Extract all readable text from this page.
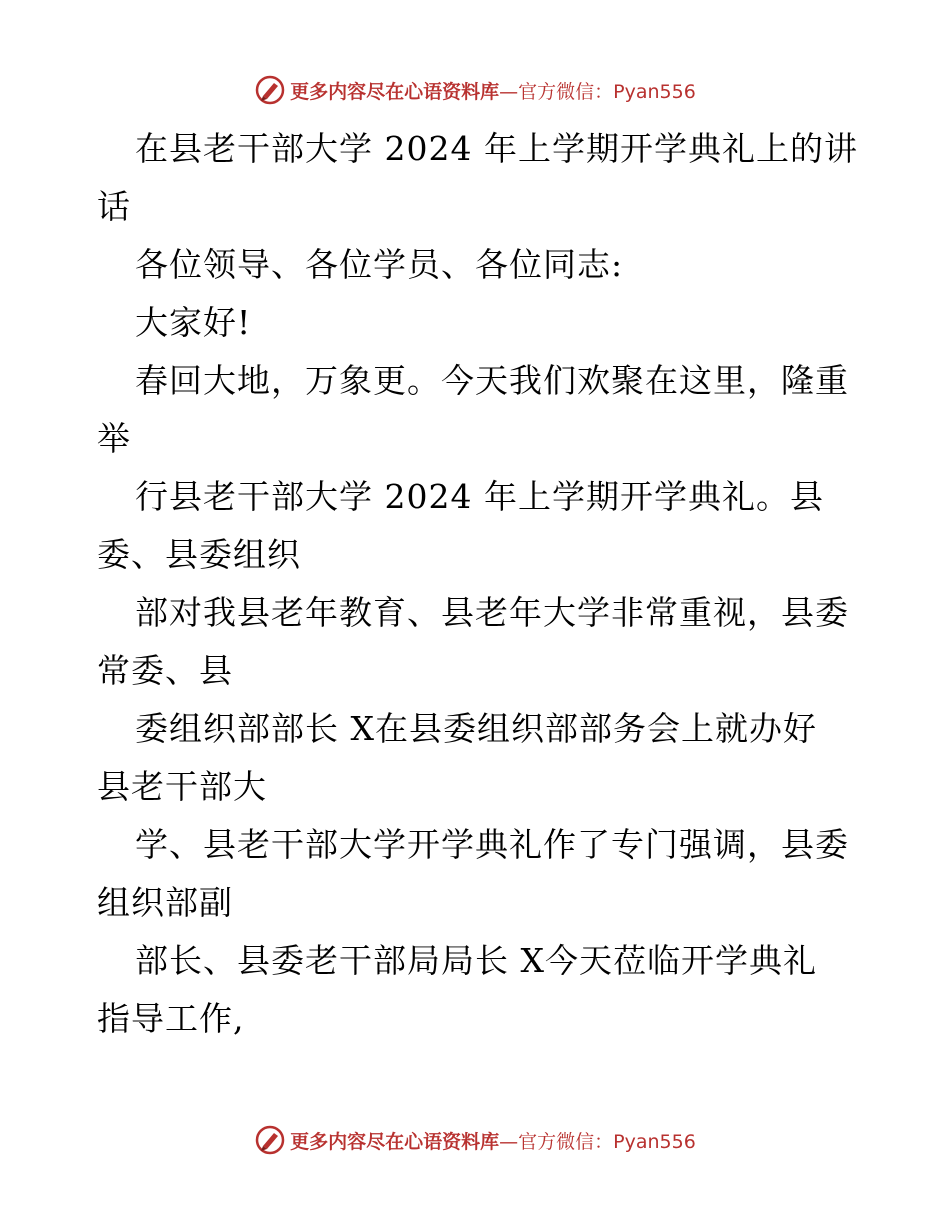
更多内容尽在心语资料库—官方微信：Pyan556
在县老干部大学 2024 年上学期开学典礼上的讲
话
各位领导、各位学员、各位同志:
大家好!
春回大地，万象更。今天我们欢聚在这里，隆重
举
行县老干部大学 2024 年上学期开学典礼。县
委、县委组织
部对我县老年教育、县老年大学非常重视，县委
常委、县
委组织部部长 X在县委组织部部务会上就办好
县老干部大
学、县老干部大学开学典礼作了专门强调，县委
组织部副
部长、县委老干部局局长 X今天莅临开学典礼
指导工作,
更多内容尽在心语资料库—官方微信：Pyan556
